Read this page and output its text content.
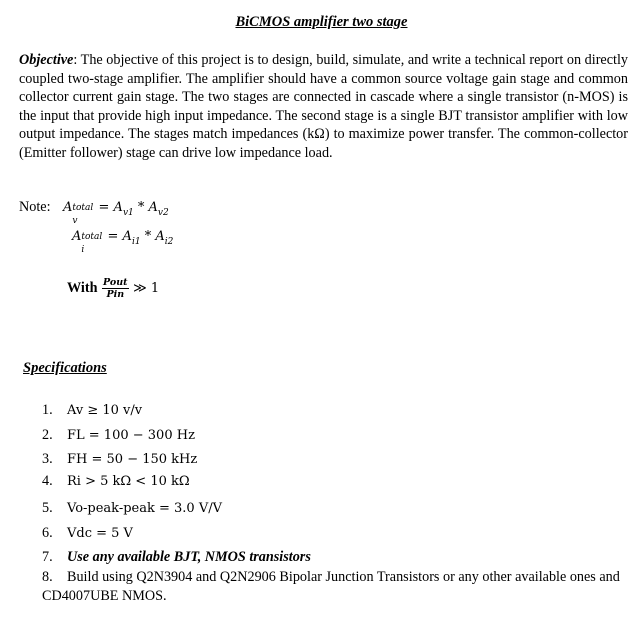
BiCMOS amplifier two stage
Objective: The objective of this project is to design, build, simulate, and write a technical report on directly coupled two-stage amplifier. The amplifier should have a common source voltage gain stage and common collector current gain stage. The two stages are connected in cascade where a single transistor (n-MOS) is the input that provide high input impedance. The second stage is a single BJT transistor amplifier with low output impedance. The stages match impedances (kΩ) to maximize power transfer. The common-collector (Emitter follower) stage can drive low impedance load.
Note: A total
v
= $A_{v1} * A_{v2}$
A total
i
= $A_{i1} * A_{i2}$
With $\frac{\text{Pout}}{\text{Pin}}$ ≫ 1
Specifications
1. Av ≥ 10 v/v
2. FL = 100 − 300 Hz
3. FH = 50 − 150 kHz
4. Ri > 5 kΩ < 10 kΩ
5. Vo-peak-peak = 3.0 V/V
6. Vdc = 5 V
7. Use any available BJT, NMOS transistors
8. Build using Q2N3904 and Q2N2906 Bipolar Junction Transistors or any other available ones and CD4007UBE NMOS.
